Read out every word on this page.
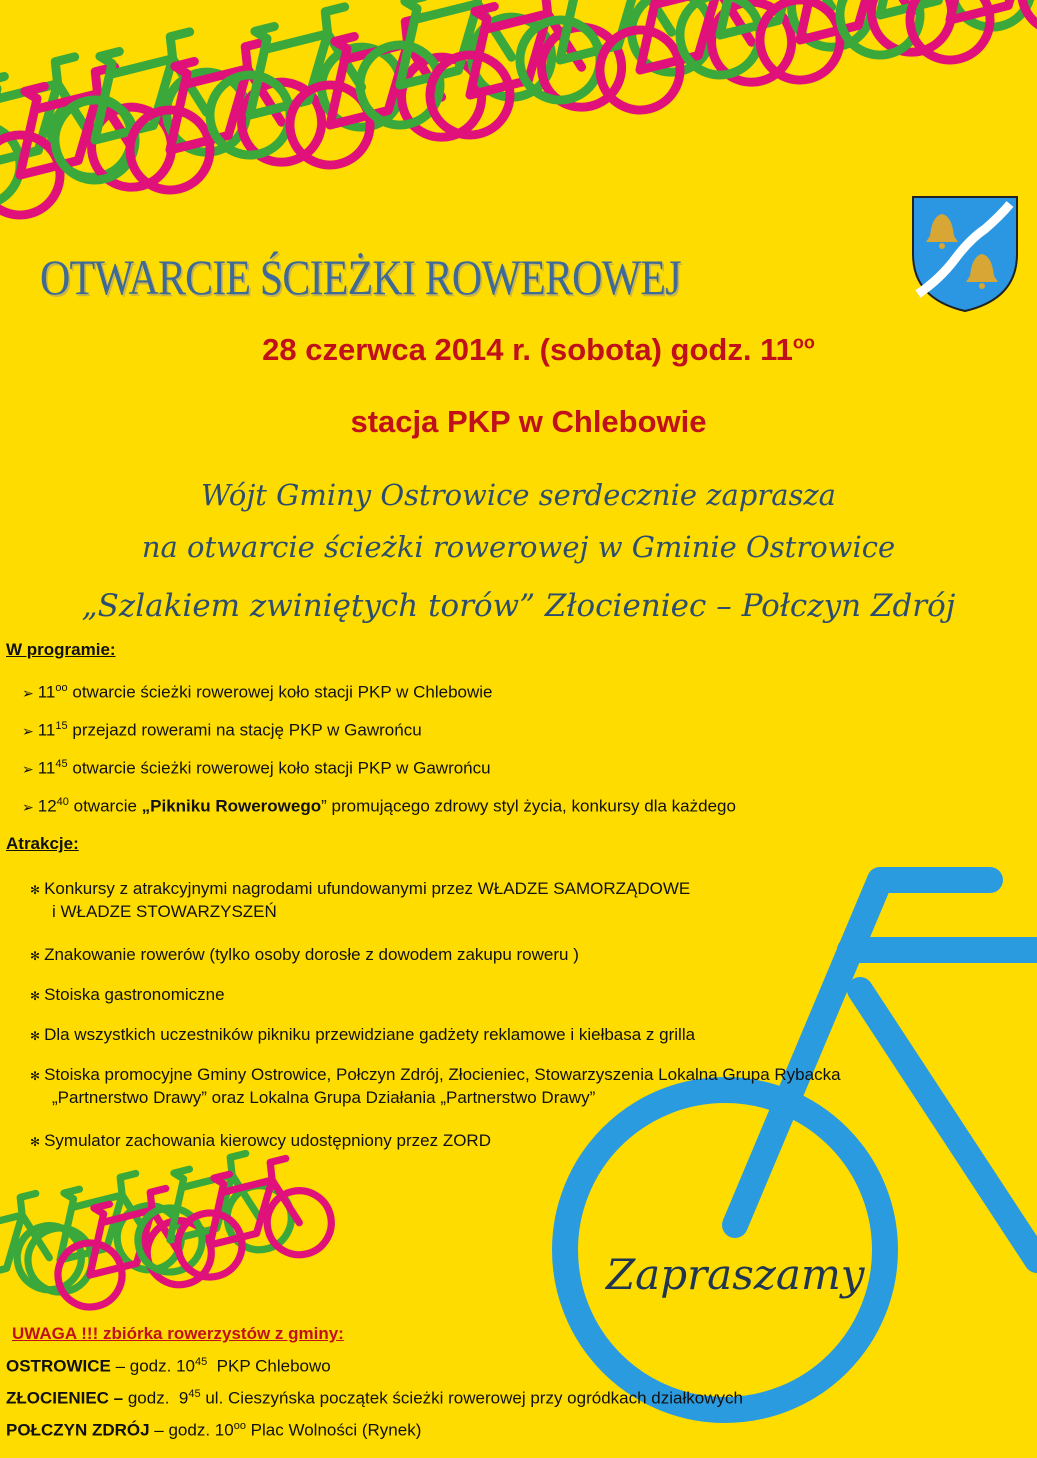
OTWARCIE ŚCIEŻKI ROWEROWEJ
28 czerwca 2014 r. (sobota) godz. $11^{oo}$
stacja PKP w Chlebowie
Wójt Gminy Ostrowice serdecznie zaprasza
na otwarcie ścieżki rowerowej w Gminie Ostrowice
„Szlakiem zwiniętych torów” Złocieniec – Połczyn Zdrój
W programie:
➢ $11^{oo}$ otwarcie ścieżki rowerowej koło stacji PKP w Chlebowie
➢ $11^{15}$ przejazd rowerami na stację PKP w Gawrońcu
➢ $11^{45}$ otwarcie ścieżki rowerowej koło stacji PKP w Gawrońcu
➢ $12^{40}$ otwarcie „Pikniku Rowerowego” promującego zdrowy styl życia, konkursy dla każdego
Atrakcje:
✻ Konkursy z atrakcyjnymi nagrodami ufundowanymi przez WŁADZE SAMORZĄDOWE
i WŁADZE STOWARZYSZEŃ
✻ Znakowanie rowerów (tylko osoby dorosłe z dowodem zakupu roweru )
✻ Stoiska gastronomiczne
✻ Dla wszystkich uczestników pikniku przewidziane gadżety reklamowe i kiełbasa z grilla
✻ Stoiska promocyjne Gminy Ostrowice, Połczyn Zdrój, Złocieniec, Stowarzyszenia Lokalna Grupa Rybacka
„Partnerstwo Drawy” oraz Lokalna Grupa Działania „Partnerstwo Drawy”
✻ Symulator zachowania kierowcy udostępniony przez ZORD
Zapraszamy
UWAGA !!! zbiórka rowerzystów z gminy:
OSTROWICE – godz. $10^{45}$  PKP Chlebowo
ZŁOCIENIEC – godz.  $9^{45}$ ul. Cieszyńska początek ścieżki rowerowej przy ogródkach działkowych
POŁCZYN ZDRÓJ – godz. $10^{oo}$ Plac Wolności (Rynek)
